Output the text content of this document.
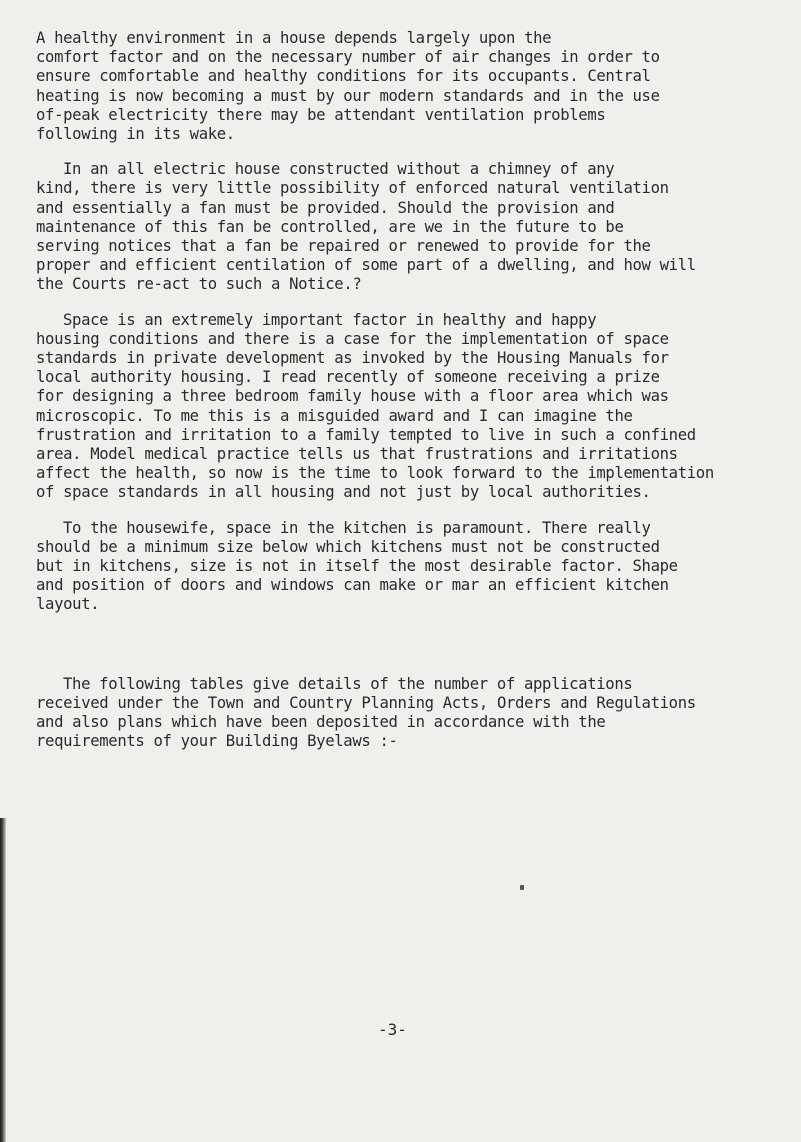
A healthy environment in a house depends largely upon the
comfort factor and on the necessary number of air changes in order to
ensure comfortable and healthy conditions for its occupants. Central
heating is now becoming a must by our modern standards and in the use
of-peak electricity there may be attendant ventilation problems
following in its wake.

In an all electric house constructed without a chimney of any
kind, there is very little possibility of enforced natural ventilation
and essentially a fan must be provided. Should the provision and
maintenance of this fan be controlled, are we in the future to be
serving notices that a fan be repaired or renewed to provide for the
proper and efficient centilation of some part of a dwelling, and how will
the Courts re-act to such a Notice.?

Space is an extremely important factor in healthy and happy
housing conditions and there is a case for the implementation of space
standards in private development as invoked by the Housing Manuals for
local authority housing. I read recently of someone receiving a prize
for designing a three bedroom family house with a floor area which was
microscopic. To me this is a misguided award and I can imagine the
frustration and irritation to a family tempted to live in such a confined
area. Model medical practice tells us that frustrations and irritations
affect the health, so now is the time to look forward to the implementation
of space standards in all housing and not just by local authorities.

To the housewife, space in the kitchen is paramount. There really
should be a minimum size below which kitchens must not be constructed
but in kitchens, size is not in itself the most desirable factor. Shape
and position of doors and windows can make or mar an efficient kitchen
layout.

The following tables give details of the number of applications
received under the Town and Country Planning Acts, Orders and Regulations
and also plans which have been deposited in accordance with the
requirements of your Building Byelaws :-

-3-
